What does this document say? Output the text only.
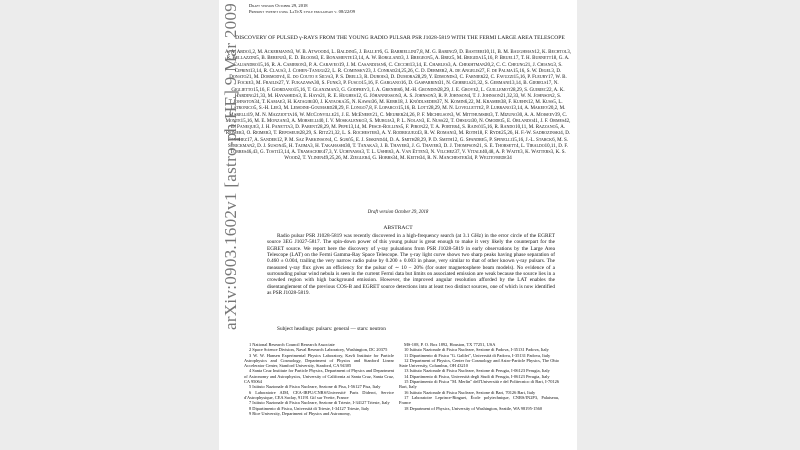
Draft version October 29, 2018
Preprint typeset using LaTeX style emulateapj v. 08/22/09
DISCOVERY OF PULSED γ-RAYS FROM THE YOUNG RADIO PULSAR PSR J1028-5819 WITH THE FERMI LARGE AREA TELESCOPE
A. A. Abdo1,2, M. Ackermann3, W. B. Atwood4, L. Baldini5, J. Ballet6, G. Barbiellini7,8, M. G. Baring9, D. Bastieri10,11, B. M. Baughman12, K. Bechtol3, R. Bellazzini5, B. Berenji3, E. D. Bloom3, E. Bonamente13,14, A. W. Borgland3, J. Bregeon5, A. Brez5, M. Brigida15,16, P. Bruel17, T. H. Burnett18, G. A. Caliandro15,16, R. A. Cameron3, P. A. Caraveo19, J. M. Casandjian6, C. Cecchi13,14, E. Charles3, A. Chekhtman20,2, C. C. Cheung21, J. Chiang3, S. Ciprini13,14, R. Claus3, J. Cohen-Tanugi22, L. R. Cominsky23, J. Conrad24,25,26, C. D. Dermer2, A. de Angelis27, F. de Palma15,16, S. W. Digel3, D. Donato21, M. Dormody4, E. do Couto e Silva3, P. S. Drell3, R. Dubois3, D. Dumora28,29, Y. Edmonds3, C. Farnier22, C. Favuzzi15,16, P. Fleury17, W. B. Focke3, M. Frailis27, Y. Fukazawa30, S. Funk3, P. Fusco15,16, F. Gargano16, D. Gasparrini31, N. Gehrels21,32, S. Germani13,14, B. Giebels17, N. Giglietto15,16, F. Giordano15,16, T. Glanzman3, G. Godfrey3, I. A. Grenier6, M.-H. Grondin28,29, J. E. Grove2, L. Guillemot28,29, S. Guiriec22, A. K. Harding21,33, M. Hayashida3, E. Hays21, R. E. Hughes12, G. Jóhannesson3, A. S. Johnson3, R. P. Johnson4, T. J. Johnson21,32,33, W. N. Johnson2, S. Johnston34, T. Kamae3, H. Katagiri30, J. Kataoka35, N. Kawai36, M. Kerr18, J. Knödlseder37, N. Komin6,22, M. Kramer38, F. Kuehn12, M. Kuss5, L. Latronico5, S.-H. Lee3, M. Lemoine-Goumard28,29, F. Longo7,8, F. Loparco15,16, B. Lott28,29, M. N. Lovellette2, P. Lubrano13,14, A. Makeev20,2, M. Marelli19, M. N. Mazziotta16, W. McConville21, J. E. McEnery21, C. Meurer24,26, P. F. Michelson3, W. Mitthumsiri3, T. Mizuno30, A. A. Moiseev39, C. Monte15,16, M. E. Monzani3, A. Morselli40, I. V. Moskalenko3, S. Murgia3, P. L. Nolan3, E. Nuss22, T. Ohsugi30, N. Omodei5, E. Orlando41, J. F. Ormes42, D. Paneque3, J. H. Panetta3, D. Parent28,29, M. Pepe13,14, M. Pesce-Rollins5, F. Piron22, T. A. Porter4, S. Rainò15,16, R. Rando10,11, M. Razzano5, A. Reimer3, O. Reimer3, T. Reposeur28,29, S. Ritz21,32, L. S. Rochester3, A. Y. Rodriguez43, R. W. Romani3, M. Roth18, F. Ryde25,26, H. F.-W. Sadrozinski4, D. Sanchez17, A. Sander12, P. M. Saz Parkinson4, C. Sgrò5, E. J. Siskind44, D. A. Smith28,29, P. D. Smith12, G. Spandre5, P. Spinelli15,16, J.-L. Starck6, M. S. Strickman2, D. J. Suson45, H. Tajima3, H. Takahashi30, T. Tanaka3, J. B. Thayer3, J. G. Thayer3, D. J. Thompson21, S. E. Thorsett4, L. Tibaldo10,11, D. F. Torres46,43, G. Tosti13,14, A. Tramacere47,3, Y. Uchiyama3, T. L. Usher3, A. Van Etten3, N. Vilchez37, V. Vitale40,48, A. P. Waite3, K. Watters3, K. S. Wood2, T. Ylinen49,25,26, M. Ziegler4, G. Hobbs34, M. Keith34, R. N. Manchester34, P. Weltevrede34
Draft version October 29, 2018
ABSTRACT
Radio pulsar PSR J1028-5819 was recently discovered in a high-frequency search (at 3.1 GHz) in the error circle of the EGRET source 3EG J1027-5817. The spin-down power of this young pulsar is great enough to make it very likely the counterpart for the EGRET source. We report here the discovery of γ-ray pulsations from PSR J1028-5819 in early observations by the Large Area Telescope (LAT) on the Fermi Gamma-Ray Space Telescope. The γ-ray light curve shows two sharp peaks having phase separation of 0.460 ± 0.004, trailing the very narrow radio pulse by 0.200 ± 0.003 in phase, very similar to that of other known γ-ray pulsars. The measured γ-ray flux gives an efficiency for the pulsar of ∼ 10 − 20% (for outer magnetosphere beam models). No evidence of a surrounding pulsar wind nebula is seen in the current Fermi data but limits on associated emission are weak because the source lies in a crowded region with high background emission. However, the improved angular resolution afforded by the LAT enables the disentanglement of the previous COS-B and EGRET source detections into at least two distinct sources, one of which is now identified as PSR J1028-5819.
Subject headings: pulsars: general — stars: neutron

1 National Research Council Research Associate

2 Space Science Division, Naval Research Laboratory, Washington, DC 20375

3 W. W. Hansen Experimental Physics Laboratory, Kavli Institute for Particle Astrophysics and Cosmology, Department of Physics and Stanford Linear Accelerator Center, Stanford University, Stanford, CA 94305

4 Santa Cruz Institute for Particle Physics, Department of Physics and Department of Astronomy and Astrophysics, University of California at Santa Cruz, Santa Cruz, CA 95064

5 Istituto Nazionale di Fisica Nucleare, Sezione di Pisa, I-56127 Pisa, Italy

6 Laboratoire AIM, CEA-IRFU/CNRS/Université Paris Diderot, Service d'Astrophysique, CEA Saclay, 91191 Gif sur Yvette, France

7 Istituto Nazionale di Fisica Nucleare, Sezione di Trieste, I-34127 Trieste, Italy

8 Dipartimento di Fisica, Università di Trieste, I-34127 Trieste, Italy

9 Rice University, Department of Physics and Astronomy,

MS-108, P. O. Box 1892, Houston, TX 77251, USA

10 Istituto Nazionale di Fisica Nucleare, Sezione di Padova, I-35131 Padova, Italy

11 Dipartimento di Fisica "G. Galilei", Università di Padova, I-35131 Padova, Italy

12 Department of Physics, Center for Cosmology and Astro-Particle Physics, The Ohio State University, Columbus, OH 43210

13 Istituto Nazionale di Fisica Nucleare, Sezione di Perugia, I-06123 Perugia, Italy

14 Dipartimento di Fisica, Università degli Studi di Perugia, I-06123 Perugia, Italy

15 Dipartimento di Fisica "M. Merlin" dell'Università e del Politecnico di Bari, I-70126 Bari, Italy

16 Istituto Nazionale di Fisica Nucleare, Sezione di Bari, 70126 Bari, Italy

17 Laboratoire Leprince-Ringuet, École polytechnique, CNRS/IN2P3, Palaiseau, France

18 Department of Physics, University of Washington, Seattle, WA 98195-1560

arXiv:0903.1602v1 [astro-ph.HE] 9 Mar 2009
